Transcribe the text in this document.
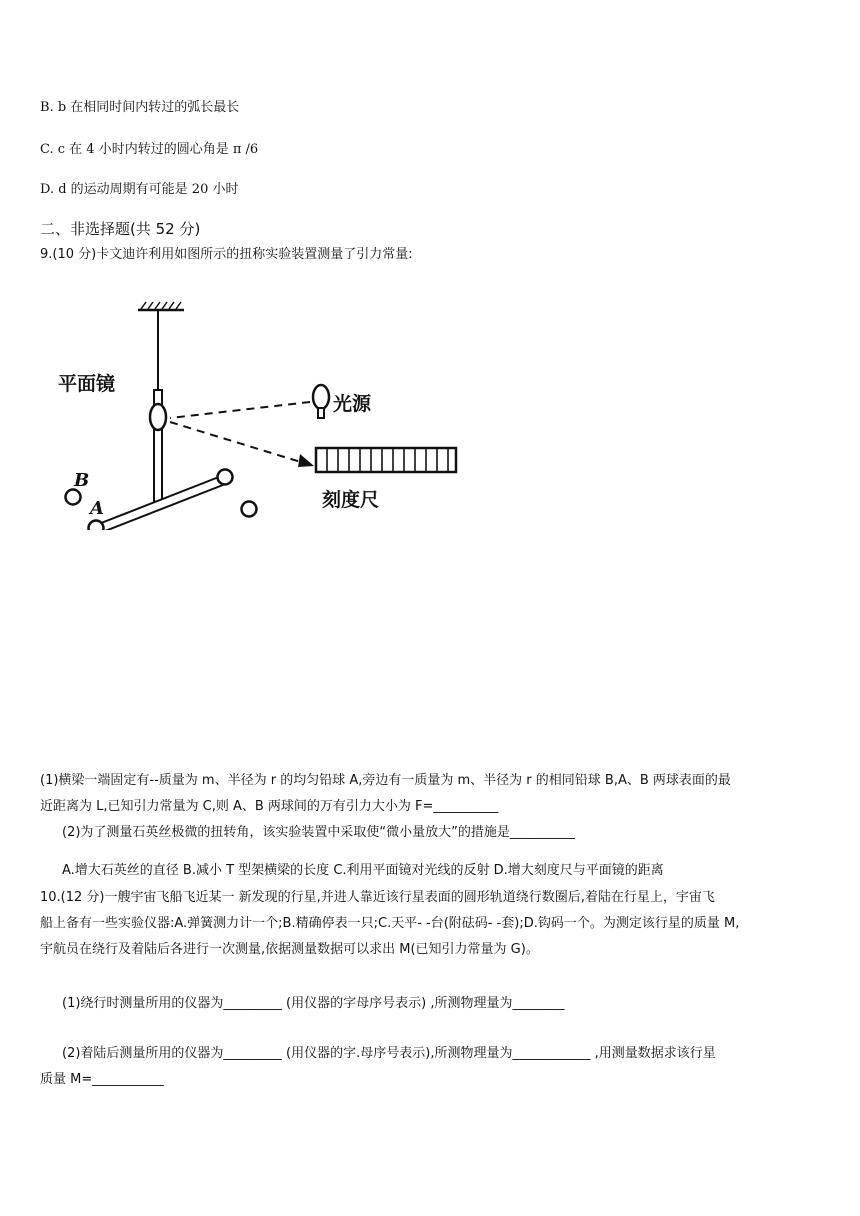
B. b 在相同时间内转过的弧长最长
C. c 在 4 小时内转过的圆心角是 π /6
D. d 的运动周期有可能是 20 小时
二、非选择题(共 52 分)
9.(10 分)卡文迪许利用如图所示的扭称实验装置测量了引力常量:
平面镜
光源
刻度尺
B
A
(1)横梁一端固定有--质量为 m、半径为 r 的均匀铅球 A,旁边有一质量为 m、半径为 r 的相同铅球 B,A、B 两球表面的最
近距离为 L,已知引力常量为 C,则 A、B 两球间的万有引力大小为 F=__________
(2)为了测量石英丝极微的扭转角，该实验装置中采取使“微小量放大”的措施是__________
A.增大石英丝的直径 B.减小 T 型架横梁的长度 C.利用平面镜对光线的反射 D.增大刻度尺与平面镜的距离
10.(12 分)一艘宇宙飞船飞近某一 新发现的行星,并进人靠近该行星表面的圆形轨道绕行数圈后,着陆在行星上，宇宙飞
船上备有一些实验仪器:A.弹簧测力计一个;B.精确停表一只;C.天平- -台(附砝码- -套);D.钩码一个。为测定该行星的质量 M,
宇航员在绕行及着陆后各进行一次测量,依据测量数据可以求出 M(已知引力常量为 G)。
(1)绕行时测量所用的仪器为_________ (用仪器的字母序号表示) ,所测物理量为________
(2)着陆后测量所用的仪器为_________ (用仪器的字.母序号表示),所测物理量为____________ ,用测量数据求该行星
质量 M=___________
